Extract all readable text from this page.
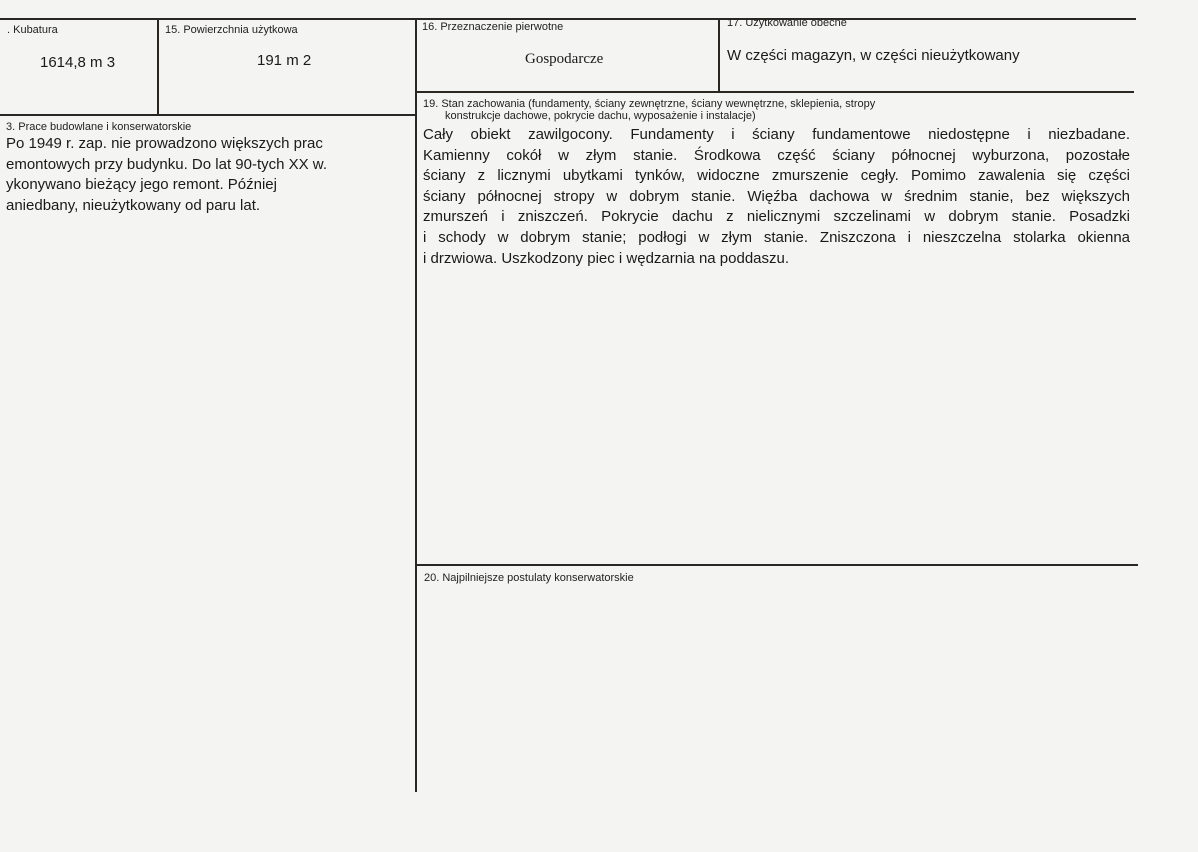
. Kubatura
1614,8 m 3
15. Powierzchnia użytkowa
191 m 2
16. Przeznaczenie pierwotne
Gospodarcze
17. Użytkowanie obecne
W części magazyn, w części nieużytkowany
3. Prace budowlane i konserwatorskie
Po 1949 r. zap. nie prowadzono większych prac
emontowych przy budynku. Do lat 90-tych XX w.
ykonywano bieżący jego remont. Później
aniedbany, nieużytkowany od paru lat.
19. Stan zachowania (fundamenty, ściany zewnętrzne, ściany wewnętrzne, sklepienia, stropy
konstrukcje dachowe, pokrycie dachu, wyposażenie i instalacje)
Cały obiekt zawilgocony. Fundamenty i ściany fundamentowe niedostępne i niezbadane.
Kamienny cokół w złym stanie. Środkowa część ściany północnej wyburzona, pozostałe
ściany z licznymi ubytkami tynków, widoczne zmurszenie cegły. Pomimo zawalenia się części
ściany północnej stropy w dobrym stanie. Więźba dachowa w średnim stanie, bez większych
zmurszeń i zniszczeń. Pokrycie dachu z nielicznymi szczelinami w dobrym stanie. Posadzki
i schody w dobrym stanie; podłogi w złym stanie. Zniszczona i nieszczelna stolarka okienna
i drzwiowa. Uszkodzony piec i wędzarnia na poddaszu.
20. Najpilniejsze postulaty konserwatorskie
